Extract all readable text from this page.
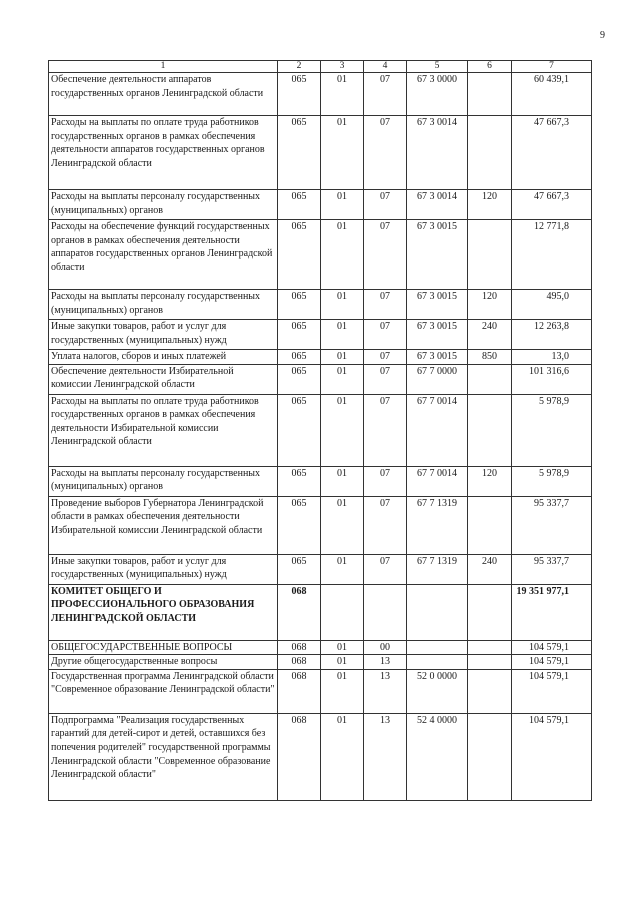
9
1	2	3	4	5	6	7
Обеспечение деятельности аппаратов государственных органов Ленинградской области	065	01	07	67 3 0000		60 439,1
Расходы на выплаты по оплате труда работников государственных органов в рамках обеспечения деятельности аппаратов государственных органов Ленинградской области	065	01	07	67 3 0014		47 667,3
Расходы на выплаты персоналу государственных (муниципальных) органов	065	01	07	67 3 0014	120	47 667,3
Расходы на обеспечение функций государственных органов в рамках обеспечения деятельности аппаратов государственных органов Ленинградской области	065	01	07	67 3 0015		12 771,8
Расходы на выплаты персоналу государственных (муниципальных) органов	065	01	07	67 3 0015	120	495,0
Иные закупки товаров, работ и услуг для государственных (муниципальных) нужд	065	01	07	67 3 0015	240	12 263,8
Уплата налогов, сборов и иных платежей	065	01	07	67 3 0015	850	13,0
Обеспечение деятельности Избирательной комиссии Ленинградской области	065	01	07	67 7 0000		101 316,6
Расходы на выплаты по оплате труда работников государственных органов в рамках обеспечения деятельности Избирательной комиссии Ленинградской области	065	01	07	67 7 0014		5 978,9
Расходы на выплаты персоналу государственных (муниципальных) органов	065	01	07	67 7 0014	120	5 978,9
Проведение выборов Губернатора Ленинградской области в рамках обеспечения деятельности Избирательной комиссии Ленинградской области	065	01	07	67 7 1319		95 337,7
Иные закупки товаров, работ и услуг для государственных (муниципальных) нужд	065	01	07	67 7 1319	240	95 337,7
КОМИТЕТ ОБЩЕГО И ПРОФЕССИОНАЛЬНОГО ОБРАЗОВАНИЯ ЛЕНИНГРАДСКОЙ ОБЛАСТИ	068					19 351 977,1
ОБЩЕГОСУДАРСТВЕННЫЕ ВОПРОСЫ	068	01	00			104 579,1
Другие общегосударственные вопросы	068	01	13			104 579,1
Государственная программа Ленинградской области "Современное образование Ленинградской области"	068	01	13	52 0 0000		104 579,1
Подпрограмма "Реализация государственных гарантий для детей-сирот и детей, оставшихся без попечения родителей" государственной программы Ленинградской области "Современное образование Ленинградской области"	068	01	13	52 4 0000		104 579,1
